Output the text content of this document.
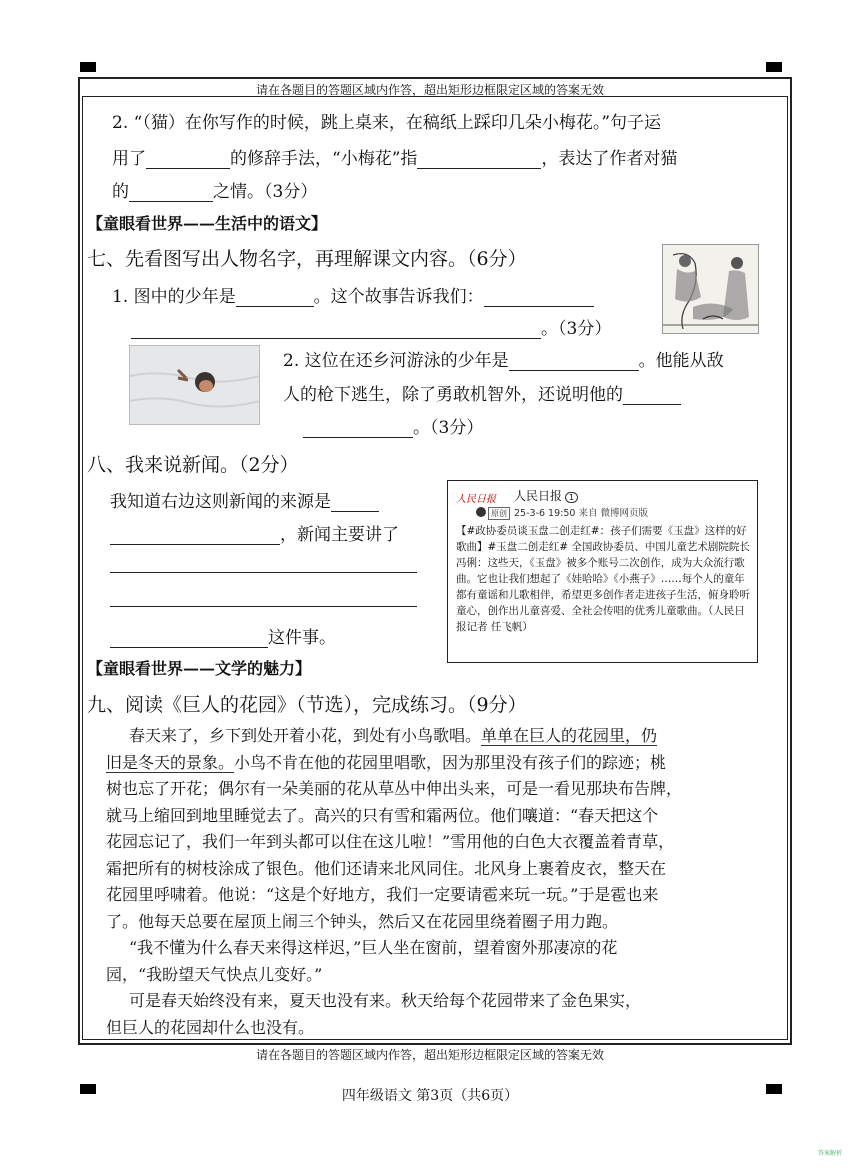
请在各题目的答题区域内作答，超出矩形边框限定区域的答案无效
请在各题目的答题区域内作答，超出矩形边框限定区域的答案无效
2. “（猫）在你写作的时候，跳上桌来，在稿纸上踩印几朵小梅花。”句子运
用了	的修辞手法，“小梅花”指	，表达了作者对猫
的	之情。（3分）
【童眼看世界——生活中的语文】
七、先看图写出人物名字，再理解课文内容。（6分）
1. 图中的少年是	。这个故事告诉我们：
。（3分）
2. 这位在还乡河游泳的少年是	。他能从敌
人的枪下逃生，除了勇敢机智外，还说明他的
。（3分）
八、我来说新闻。（2分）
我知道右边这则新闻的来源是
，新闻主要讲了
这件事。
人民日报 人民日报 1
原创 25-3-6 19:50 来自 微博网页版
【#政协委员谈玉盘二创走红#：孩子们需要《玉盘》这样的好歌曲】#玉盘二创走红# 全国政协委员、中国儿童艺术剧院院长冯俐：这些天，《玉盘》被多个账号二次创作，成为大众流行歌曲。它也让我们想起了《娃哈哈》《小燕子》……每个人的童年都有童谣和儿歌相伴，希望更多创作者走进孩子生活，俯身聆听童心，创作出儿童喜爱、全社会传唱的优秀儿童歌曲。（人民日报记者 任飞帆）
【童眼看世界——文学的魅力】
九、阅读《巨人的花园》（节选），完成练习。（9分）
春天来了，乡下到处开着小花，到处有小鸟歌唱。单单在巨人的花园里，仍
旧是冬天的景象。小鸟不肯在他的花园里唱歌，因为那里没有孩子们的踪迹；桃
树也忘了开花；偶尔有一朵美丽的花从草丛中伸出头来，可是一看见那块布告牌，
就马上缩回到地里睡觉去了。高兴的只有雪和霜两位。他们嚷道：“春天把这个
花园忘记了，我们一年到头都可以住在这儿啦！”雪用他的白色大衣覆盖着青草，
霜把所有的树枝涂成了银色。他们还请来北风同住。北风身上裹着皮衣，整天在
花园里呼啸着。他说：“这是个好地方，我们一定要请雹来玩一玩。”于是雹也来
了。他每天总要在屋顶上闹三个钟头，然后又在花园里绕着圈子用力跑。
“我不懂为什么春天来得这样迟，”巨人坐在窗前，望着窗外那凄凉的花
园，“我盼望天气快点儿变好。”
四年级语文 第3页（共6页）
答案解析
可是春天始终没有来，夏天也没有来。秋天给每个花园带来了金色果实，
但巨人的花园却什么也没有。
